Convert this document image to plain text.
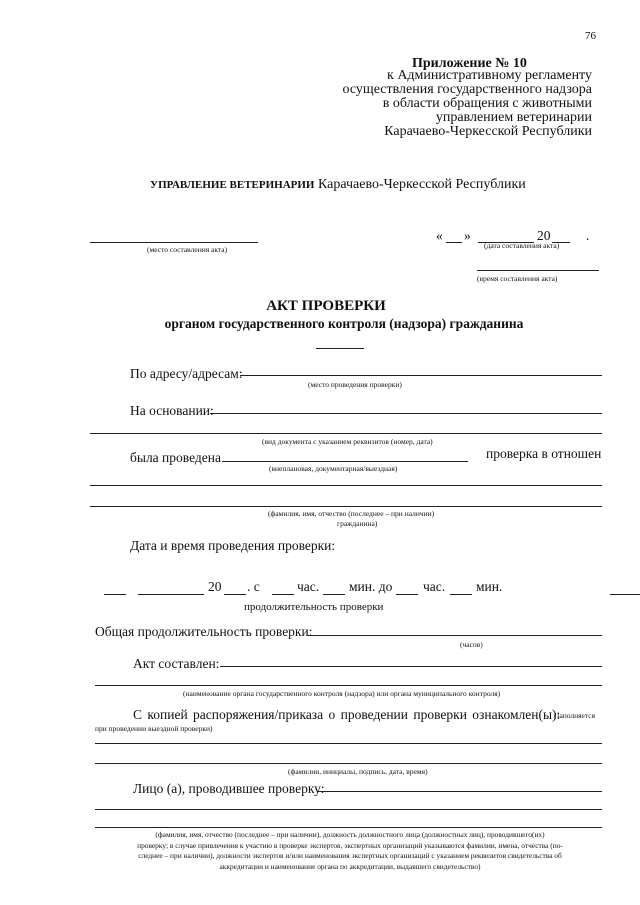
76
Приложение № 10
к Административному регламенту
осуществления государственного надзора
в области обращения с животными
управлением ветеринарии
Карачаево-Черкесской Республики
УПРАВЛЕНИЕ ВЕТЕРИНАРИИ Карачаево-Черкесской Республики
(место составления акта)
« »	20	.
(дата составления акта)
(время составления акта)
АКТ ПРОВЕРКИ
органом государственного контроля (надзора) гражданина
По адресу/адресам:
(место проведения проверки)
На основании:
(вид документа с указанием реквизитов (номер, дата)
была проведена	проверка в отношен
(внеплановая, документарная/выездная)
(фамилия, имя, отчество (последнее – при наличии)
гражданина)
Дата и время проведения проверки:
20 . с	час. мин. до час. мин.
продолжительность проверки
Общая продолжительность проверки:
(часов)
Акт составлен:
(наименование органа государственного контроля (надзора) или органа муниципального контроля)
С копией распоряжения/приказа о проведении проверки ознакомлен(ы):
(заполняется
при проведении выездной проверки)
(фамилии, инициалы, подпись, дата, время)
Лицо (а), проводившее проверку:
(фамилия, имя, отчество (последнее – при наличии), должность должностного лица (должностных лиц), проводившего(их)
проверку; в случае привлечения к участию в проверке экспертов, экспертных организаций указываются фамилии, имена, отчества (по-
следнее – при наличии), должности экспертов и/или наименования экспертных организаций с указанием реквизитов свидетельства об
аккредитации и наименование органа по аккредитации, выдавшего свидетельство)
